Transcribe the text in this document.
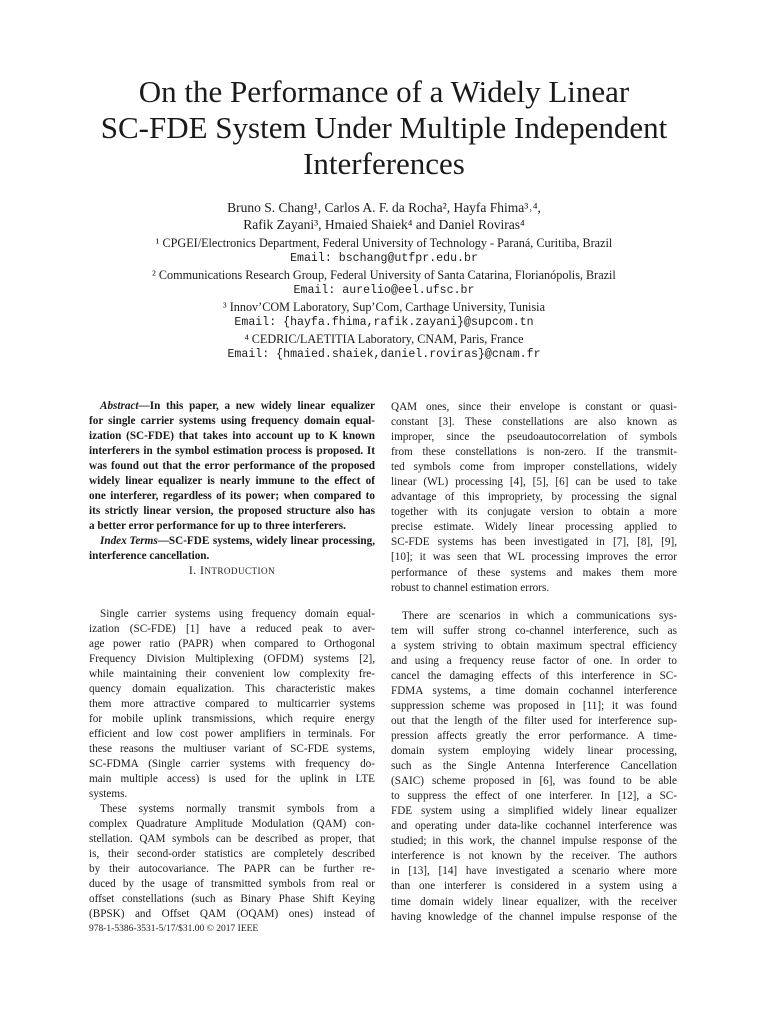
On the Performance of a Widely Linear
SC-FDE System Under Multiple Independent
Interferences
Bruno S. Chang¹, Carlos A. F. da Rocha², Hayfa Fhima³˒⁴,
Rafik Zayani³, Hmaied Shaiek⁴ and Daniel Roviras⁴
¹ CPGEI/Electronics Department, Federal University of Technology - Paraná, Curitiba, Brazil
Email: bschang@utfpr.edu.br
² Communications Research Group, Federal University of Santa Catarina, Florianópolis, Brazil
Email: aurelio@eel.ufsc.br
³ Innov’COM Laboratory, Sup’Com, Carthage University, Tunisia
Email: {hayfa.fhima,rafik.zayani}@supcom.tn
⁴ CEDRIC/LAETITIA Laboratory, CNAM, Paris, France
Email: {hmaied.shaiek,daniel.roviras}@cnam.fr
Abstract—In this paper, a new widely linear equalizer
for single carrier systems using frequency domain equal-
ization (SC-FDE) that takes into account up to K known
interferers in the symbol estimation process is proposed. It
was found out that the error performance of the proposed
widely linear equalizer is nearly immune to the effect of
one interferer, regardless of its power; when compared to
its strictly linear version, the proposed structure also has
a better error performance for up to three interferers.
Index Terms—SC-FDE systems, widely linear processing,
interference cancellation.
Single carrier systems using frequency domain equal-
ization (SC-FDE) [1] have a reduced peak to aver-
age power ratio (PAPR) when compared to Orthogonal
Frequency Division Multiplexing (OFDM) systems [2],
while maintaining their convenient low complexity fre-
quency domain equalization. This characteristic makes
them more attractive compared to multicarrier systems
for mobile uplink transmissions, which require energy
efficient and low cost power amplifiers in terminals. For
these reasons the multiuser variant of SC-FDE systems,
SC-FDMA (Single carrier systems with frequency do-
main multiple access) is used for the uplink in LTE
systems.
These systems normally transmit symbols from a
complex Quadrature Amplitude Modulation (QAM) con-
stellation. QAM symbols can be described as proper, that
is, their second-order statistics are completely described
by their autocovariance. The PAPR can be further re-
duced by the usage of transmitted symbols from real or
offset constellations (such as Binary Phase Shift Keying
(BPSK) and Offset QAM (OQAM) ones) instead of
I. INTRODUCTION
QAM ones, since their envelope is constant or quasi-
constant [3]. These constellations are also known as
improper, since the pseudoautocorrelation of symbols
from these constellations is non-zero. If the transmit-
ted symbols come from improper constellations, widely
linear (WL) processing [4], [5], [6] can be used to take
advantage of this impropriety, by processing the signal
together with its conjugate version to obtain a more
precise estimate. Widely linear processing applied to
SC-FDE systems has been investigated in [7], [8], [9],
[10]; it was seen that WL processing improves the error
performance of these systems and makes them more
robust to channel estimation errors.
There are scenarios in which a communications sys-
tem will suffer strong co-channel interference, such as
a system striving to obtain maximum spectral efficiency
and using a frequency reuse factor of one. In order to
cancel the damaging effects of this interference in SC-
FDMA systems, a time domain cochannel interference
suppression scheme was proposed in [11]; it was found
out that the length of the filter used for interference sup-
pression affects greatly the error performance. A time-
domain system employing widely linear processing,
such as the Single Antenna Interference Cancellation
(SAIC) scheme proposed in [6], was found to be able
to suppress the effect of one interferer. In [12], a SC-
FDE system using a simplified widely linear equalizer
and operating under data-like cochannel interference was
studied; in this work, the channel impulse response of the
interference is not known by the receiver. The authors
in [13], [14] have investigated a scenario where more
than one interferer is considered in a system using a
time domain widely linear equalizer, with the receiver
having knowledge of the channel impulse response of the
978-1-5386-3531-5/17/$31.00 © 2017 IEEE
